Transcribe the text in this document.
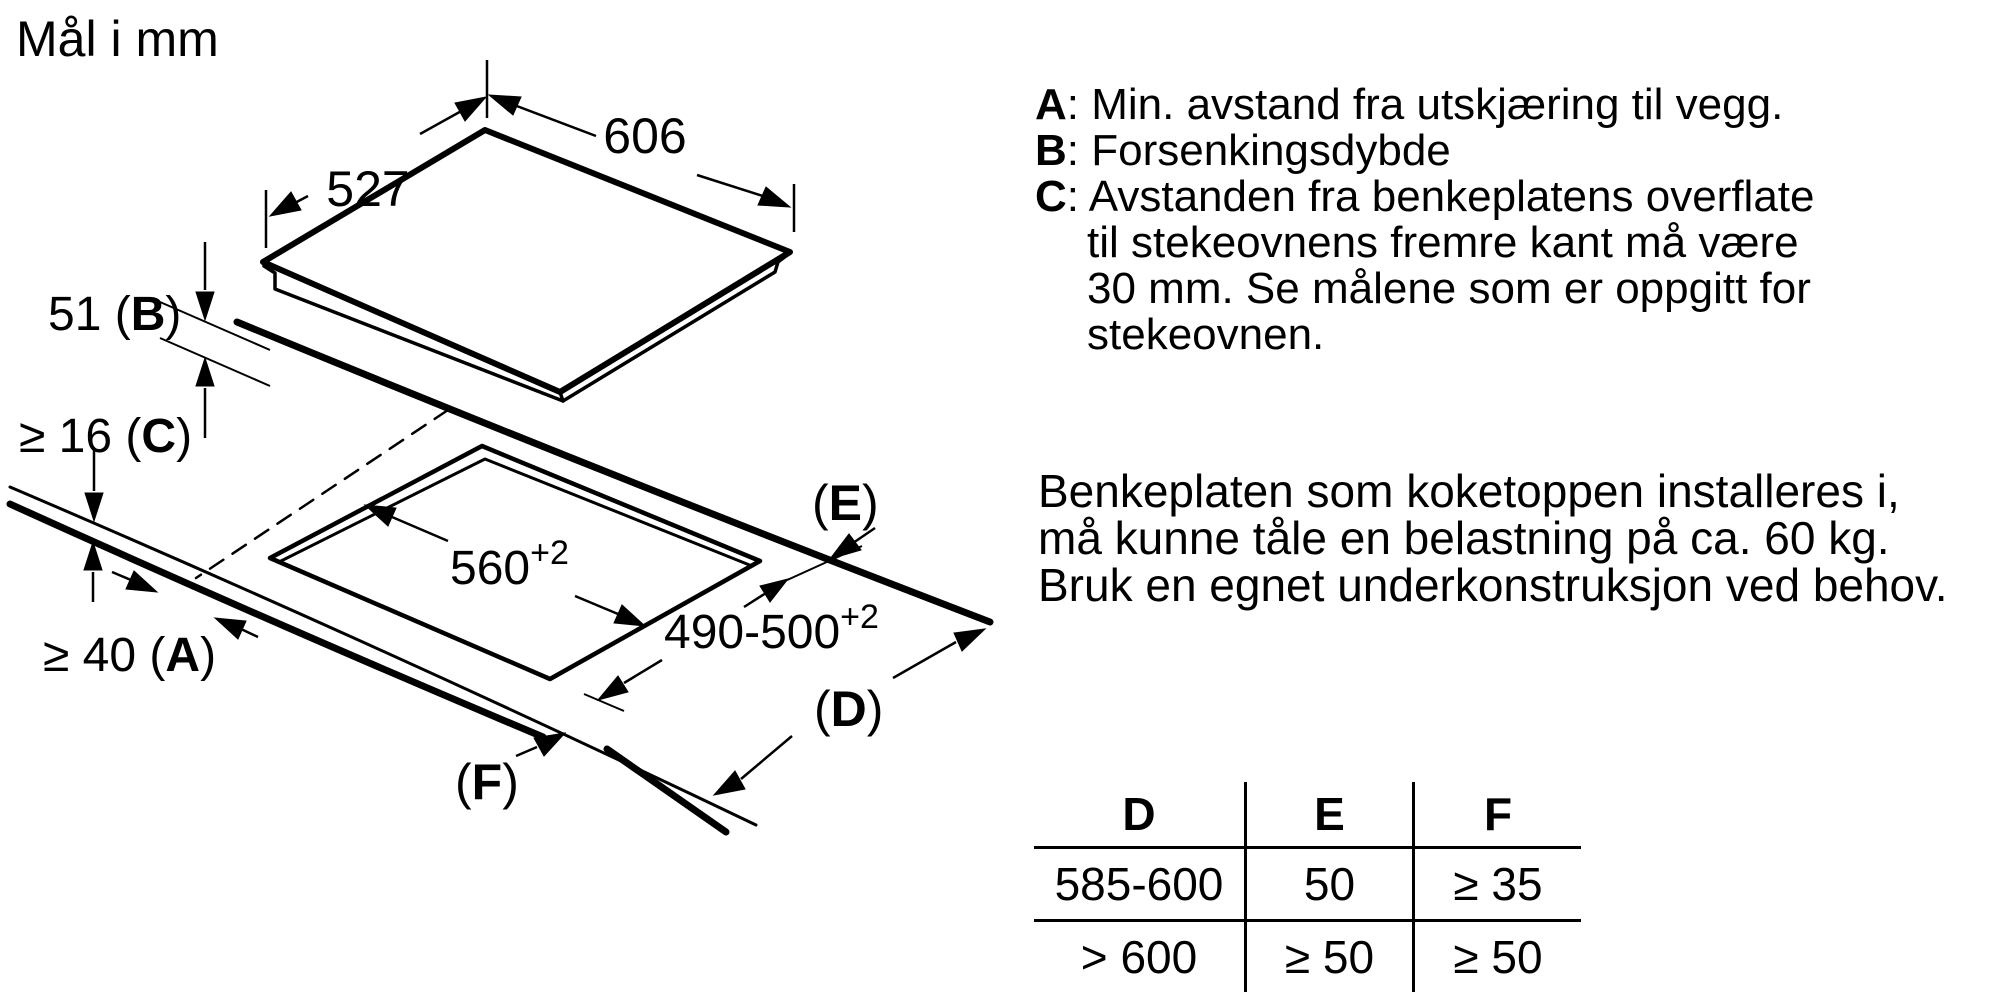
Mål i mm
527
606
51 (B)
≥ 16 (C)
≥ 40 (A)
$560^{+2}$
$490-500^{+2}$
(D)
(E)
(F)
A: Min. avstand fra utskjæring til vegg.
B: Forsenkingsdybde
C: Avstanden fra benkeplatens overflate
til stekeovnens fremre kant må være
30 mm. Se målene som er oppgitt for
stekeovnen.
Benkeplaten som koketoppen installeres i,
må kunne tåle en belastning på ca. 60 kg.
Bruk en egnet underkonstruksjon ved behov.
D	E	F
585-600	50	≥ 35
> 600	≥ 50	≥ 50
